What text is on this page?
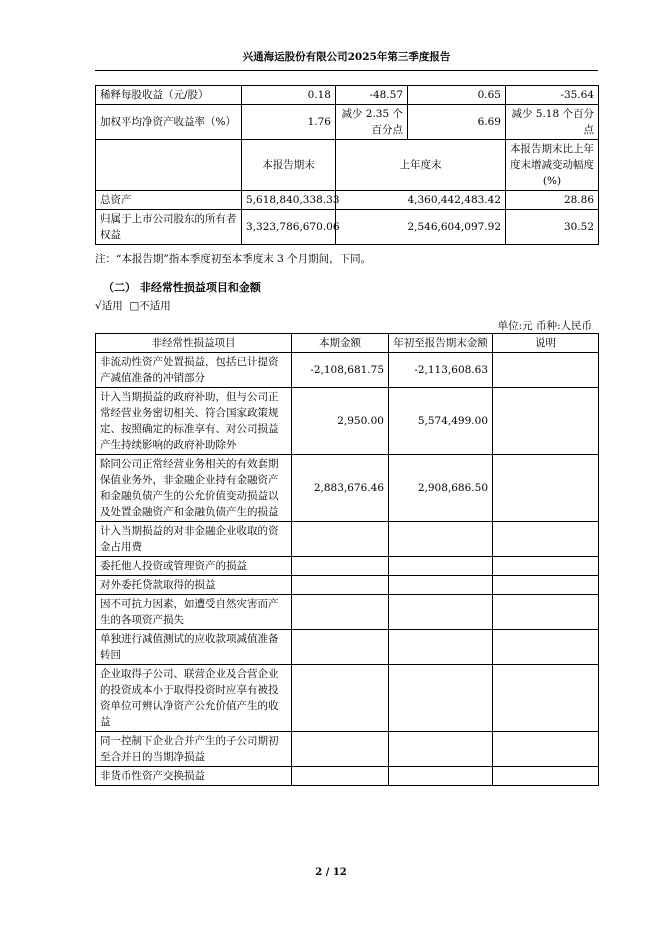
兴通海运股份有限公司2025年第三季度报告
稀释每股收益（元/股）	0.18	-48.57	0.65	-35.64
加权平均净资产收益率（%）	1.76	减少 2.35 个百分点	6.69	减少 5.18 个百分点
	本报告期末	上年度末		本报告期末比上年度末增减变动幅度(%)
总资产	5,618,840,338.33	4,360,442,483.42		28.86
归属于上市公司股东的所有者权益	3,323,786,670.06	2,546,604,097.92		30.52
注：“本报告期”指本季度初至本季度末 3 个月期间，下同。
（二） 非经常性损益项目和金额
√适用 □不适用
单位:元 币种:人民币
非经常性损益项目	本期金额	年初至报告期末金额	说明
非流动性资产处置损益，包括已计提资产减值准备的冲销部分	-2,108,681.75	-2,113,608.63	
计入当期损益的政府补助，但与公司正常经营业务密切相关、符合国家政策规定、按照确定的标准享有、对公司损益产生持续影响的政府补助除外	2,950.00	5,574,499.00	
除同公司正常经营业务相关的有效套期保值业务外，非金融企业持有金融资产和金融负债产生的公允价值变动损益以及处置金融资产和金融负债产生的损益	2,883,676.46	2,908,686.50	
计入当期损益的对非金融企业收取的资金占用费			
委托他人投资或管理资产的损益			
对外委托贷款取得的损益			
因不可抗力因素，如遭受自然灾害而产生的各项资产损失			
单独进行减值测试的应收款项减值准备转回			
企业取得子公司、联营企业及合营企业的投资成本小于取得投资时应享有被投资单位可辨认净资产公允价值产生的收益			
同一控制下企业合并产生的子公司期初至合并日的当期净损益			
非货币性资产交换损益			
2 / 12
